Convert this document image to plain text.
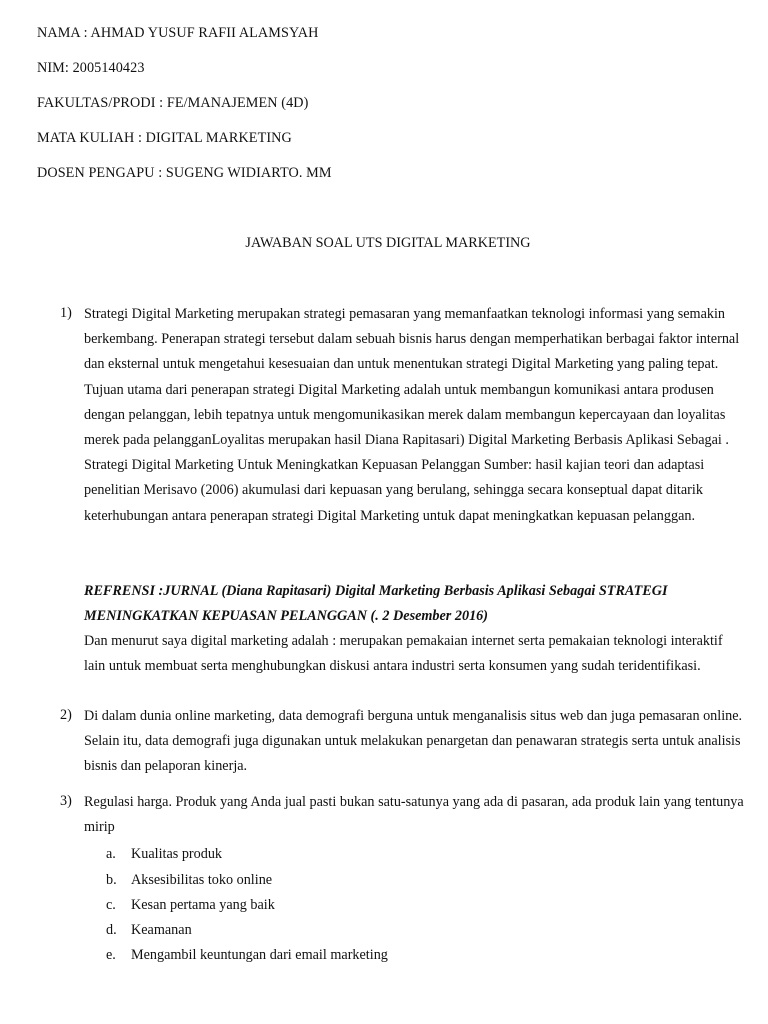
NAMA : AHMAD YUSUF RAFII ALAMSYAH
NIM: 2005140423
FAKULTAS/PRODI : FE/MANAJEMEN (4D)
MATA KULIAH : DIGITAL MARKETING
DOSEN PENGAPU : SUGENG WIDIARTO. MM
JAWABAN SOAL UTS DIGITAL MARKETING
1) Strategi Digital Marketing merupakan strategi pemasaran yang memanfaatkan teknologi informasi yang semakin berkembang. Penerapan strategi tersebut dalam sebuah bisnis harus dengan memperhatikan berbagai faktor internal dan eksternal untuk mengetahui kesesuaian dan untuk menentukan strategi Digital Marketing yang paling tepat. Tujuan utama dari penerapan strategi Digital Marketing adalah untuk membangun komunikasi antara produsen dengan pelanggan, lebih tepatnya untuk mengomunikasikan merek dalam membangun kepercayaan dan loyalitas merek pada pelangganLoyalitas merupakan hasil Diana Rapitasari) Digital Marketing Berbasis Aplikasi Sebagai . Strategi Digital Marketing Untuk Meningkatkan Kepuasan Pelanggan Sumber: hasil kajian teori dan adaptasi penelitian Merisavo (2006) akumulasi dari kepuasan yang berulang, sehingga secara konseptual dapat ditarik keterhubungan antara penerapan strategi Digital Marketing untuk dapat meningkatkan kepuasan pelanggan.

REFRENSI :JURNAL (Diana Rapitasari) Digital Marketing Berbasis Aplikasi Sebagai STRATEGI MENINGKATKAN KEPUASAN PELANGGAN (. 2 Desember 2016)

Dan menurut saya digital marketing adalah : merupakan pemakaian internet serta pemakaian teknologi interaktif lain untuk membuat serta menghubungkan diskusi antara industri serta konsumen yang sudah teridentifikasi.

2) Di dalam dunia online marketing, data demografi berguna untuk menganalisis situs web dan juga pemasaran online. Selain itu, data demografi juga digunakan untuk melakukan penargetan dan penawaran strategis serta untuk analisis bisnis dan pelaporan kinerja.

3) Regulasi harga. Produk yang Anda jual pasti bukan satu-satunya yang ada di pasaran, ada produk lain yang tentunya mirip

a. Kualitas produk
b. Aksesibilitas toko online
c. Kesan pertama yang baik
d. Keamanan
e. Mengambil keuntungan dari email marketing
